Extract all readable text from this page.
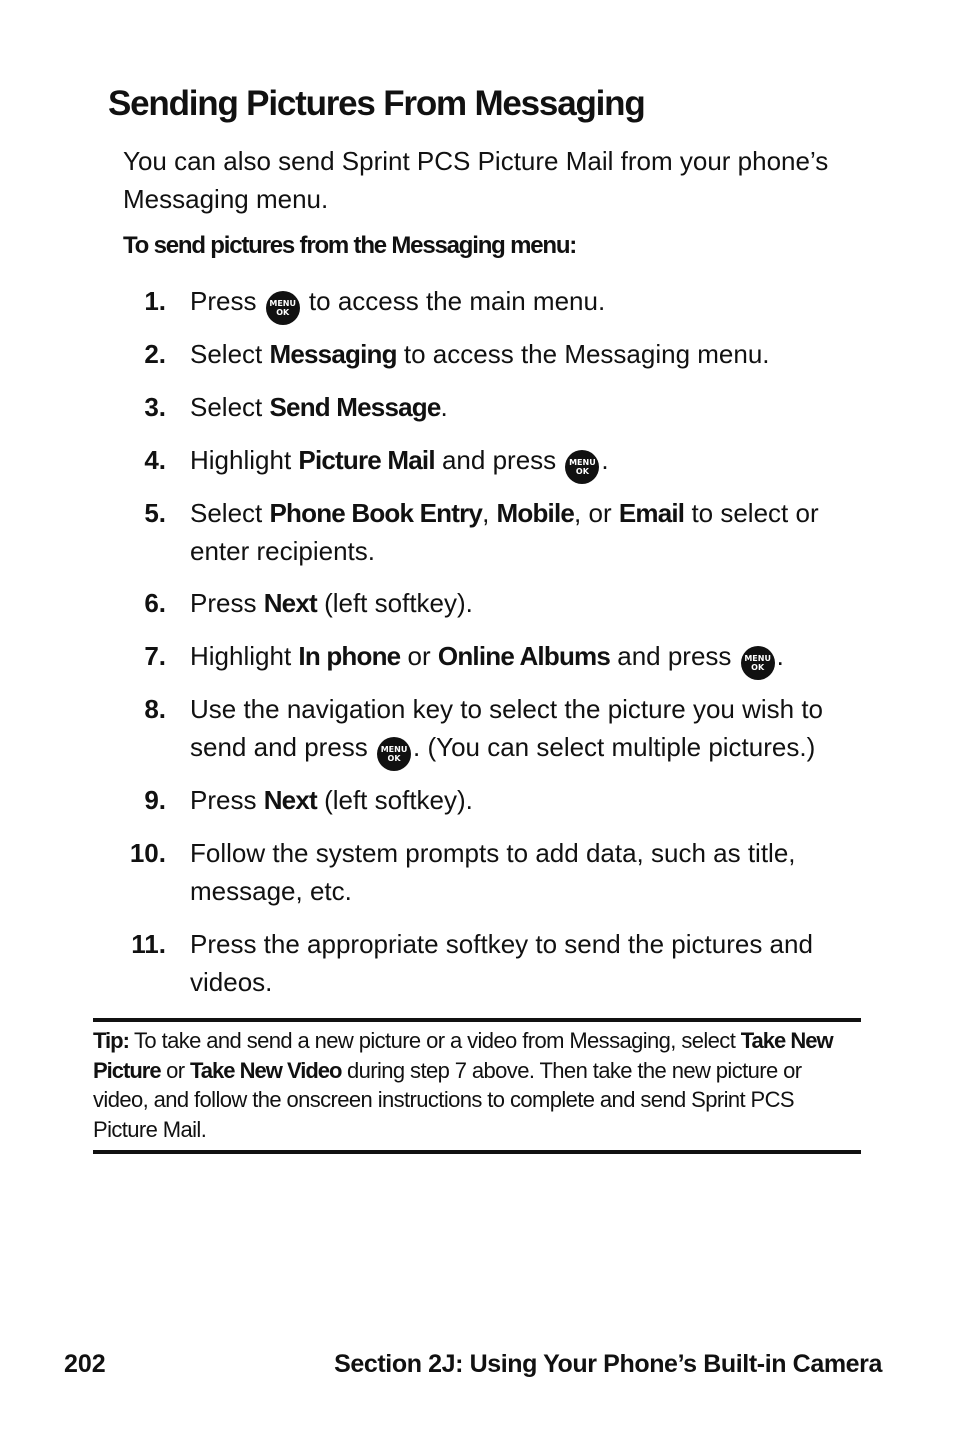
Sending Pictures From Messaging

You can also send Sprint PCS Picture Mail from your phone’s Messaging menu.

To send pictures from the Messaging menu:

1. Press MENU
OK to access the main menu.
2. Select Messaging to access the Messaging menu.
3. Select Send Message.
4. Highlight Picture Mail and press MENU
OK .
5. Select Phone Book Entry, Mobile, or Email to select or enter recipients.
6. Press Next (left softkey).
7. Highlight In phone or Online Albums and press MENU
OK .
8. Use the navigation key to select the picture you wish to send and press MENU
OK . (You can select multiple pictures.)
9. Press Next (left softkey).
10. Follow the system prompts to add data, such as title, message, etc.
11. Press the appropriate softkey to send the pictures and videos.

Tip: To take and send a new picture or a video from Messaging, select Take New Picture or Take New Video during step 7 above. Then take the new picture or video, and follow the onscreen instructions to complete and send Sprint PCS Picture Mail.

202	Section 2J: Using Your Phone’s Built-in Camera
